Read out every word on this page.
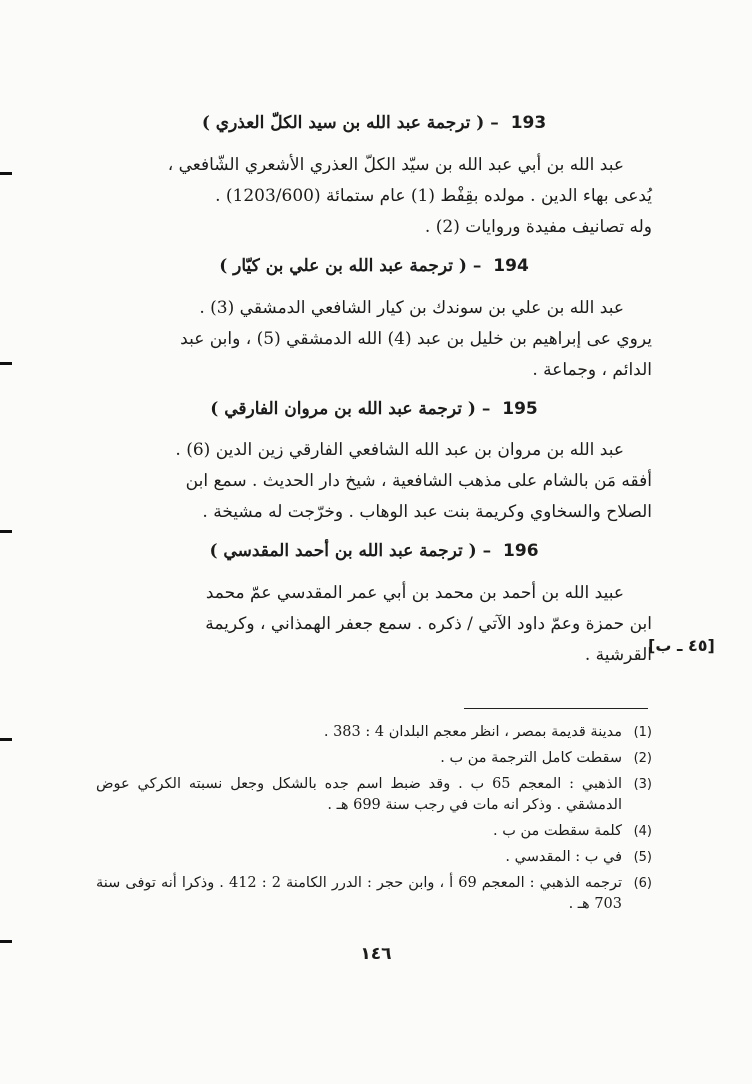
193 – ( ترجمة عبد الله بن سيد الكلّ العذري )

عبد الله بن أبي عبد الله بن سيّد الكلّ العذري الأشعري الشّافعي ،

يُدعى بهاء الدين . مولده بقِفْط (1) عام ستمائة (1203/600) .

وله تصانيف مفيدة وروايات (2) .

194 – ( ترجمة عبد الله بن علي بن كيّار )

عبد الله بن علي بن سوندك بن كيار الشافعي الدمشقي (3) .

يروي عى إبراهيم بن خليل بن عبد (4) الله الدمشقي (5) ، وابن عبد

الدائم ، وجماعة .

195 – ( ترجمة عبد الله بن مروان الفارقي )

عبد الله بن مروان بن عبد الله الشافعي الفارقي زين الدين (6) .

أفقه مَن بالشام على مذهب الشافعية ، شيخ دار الحديث . سمع ابن

الصلاح والسخاوي وكريمة بنت عبد الوهاب . وخرّجت له مشيخة .

196 – ( ترجمة عبد الله بن أحمد المقدسي )

عبيد الله بن أحمد بن محمد بن أبي عمر المقدسي عمّ محمد

ابن حمزة وعمّ داود الآتي / ذكره . سمع جعفر الهمذاني ، وكريمة

القرشية .

[٤٥ ـ ب]
(1)
مدينة قديمة بمصر ، انظر معجم البلدان 4 : 383 .
(2)
سقطت كامل الترجمة من ب .
(3)
الذهبي : المعجم 65 ب . وقد ضبط اسم جده بالشكل وجعل نسبته الكركي عوض الدمشقي . وذكر انه مات في رجب سنة 699 هـ .
(4)
كلمة سقطت من ب .
(5)
في ب : المقدسي .
(6)
ترجمه الذهبي : المعجم 69 أ ، وابن حجر : الدرر الكامنة 2 : 412 . وذكرا أنه توفى سنة 703 هـ .
١٤٦
